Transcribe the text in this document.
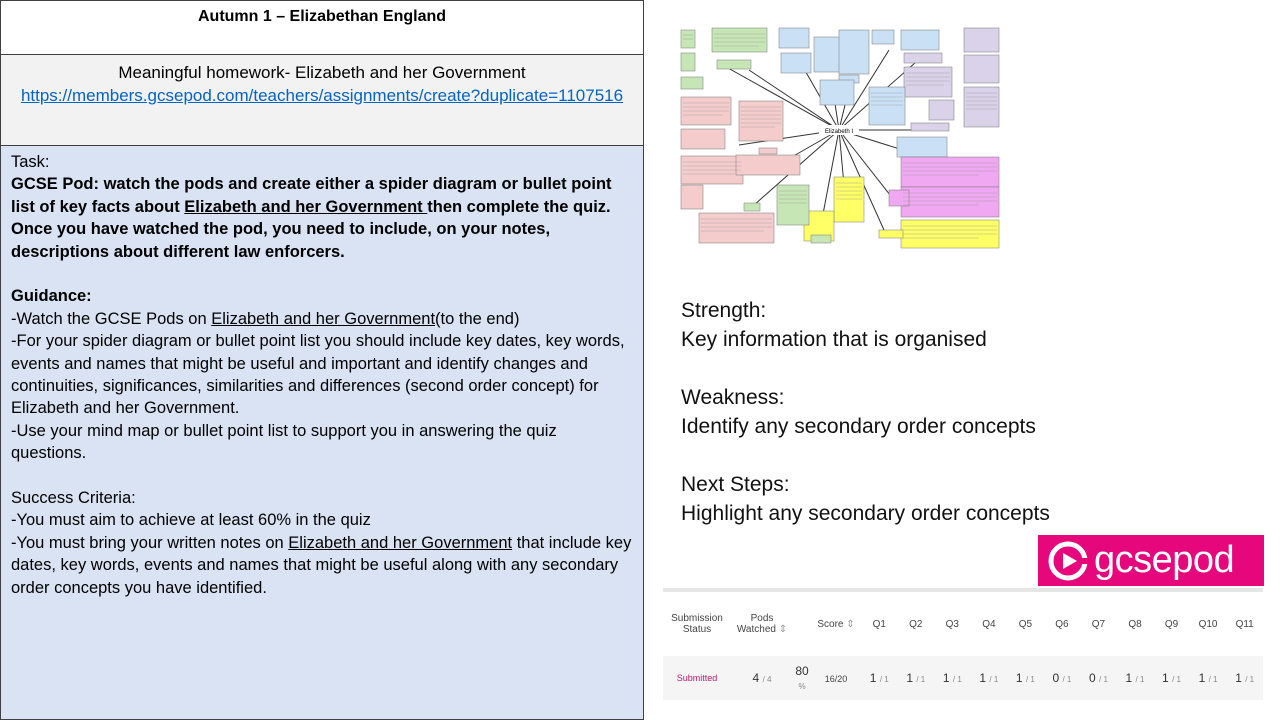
Autumn 1 – Elizabethan England
Meaningful homework- Elizabeth and her Government
https://members.gcsepod.com/teachers/assignments/create?duplicate=1107516

Task:

GCSE Pod: watch the pods and create either a spider diagram or bullet point list of key facts about Elizabeth and her Government then complete the quiz. Once you have watched the pod, you need to include, on your notes, descriptions about different law enforcers.

Guidance:

-Watch the GCSE Pods on Elizabeth and her Government(to the end)

-For your spider diagram or bullet point list you should include key dates, key words, events and names that might be useful and important and identify changes and continuities, significances, similarities and differences (second order concept) for Elizabeth and her Government.

-Use your mind map or bullet point list to support you in answering the quiz questions.

Success Criteria:

-You must aim to achieve at least 60% in the quiz

-You must bring your written notes on Elizabeth and her Government that include key dates, key words, events and names that might be useful along with any secondary order concepts you have identified.

Elizabeth I

Strength:

Key information that is organised

Weakness:

Identify any secondary order concepts

Next Steps:

Highlight any secondary order concepts

gcsepod
Submission Status	Pods Watched ⇕		Score ⇕	Q1	Q2	Q3	Q4	Q5	Q6	Q7	Q8	Q9	Q10	Q11
Submitted	4 / 4	80 %	16/20	1 / 1	1 / 1	1 / 1	1 / 1	1 / 1	0 / 1	0 / 1	1 / 1	1 / 1	1 / 1	1 / 1
